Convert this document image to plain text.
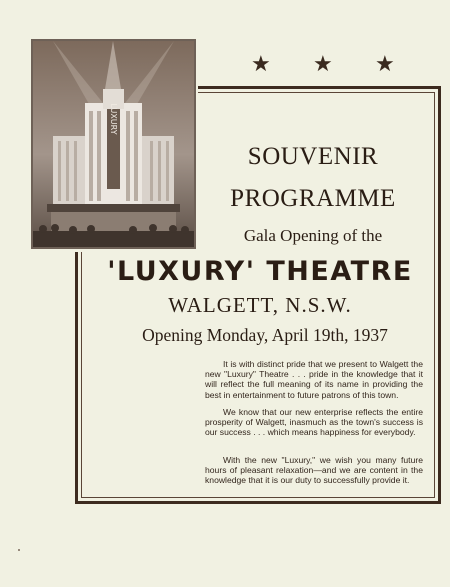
LUXURY
★ ★ ★
SOUVENIR
PROGRAMME
Gala Opening of the
'LUXURY' THEATRE
WALGETT, N.S.W.
Opening Monday, April 19th, 1937

It is with distinct pride that we present to Walgett the new "Luxury" Theatre . . . pride in the knowledge that it will reflect the full meaning of its name in providing the best in entertainment to future patrons of this town.

We know that our new enterprise reflects the entire prosperity of Walgett, inasmuch as the town's success is our success . . . which means happiness for everybody.

With the new "Luxury," we wish you many future hours of pleasant relaxation—and we are content in the knowledge that it is our duty to successfully provide it.
